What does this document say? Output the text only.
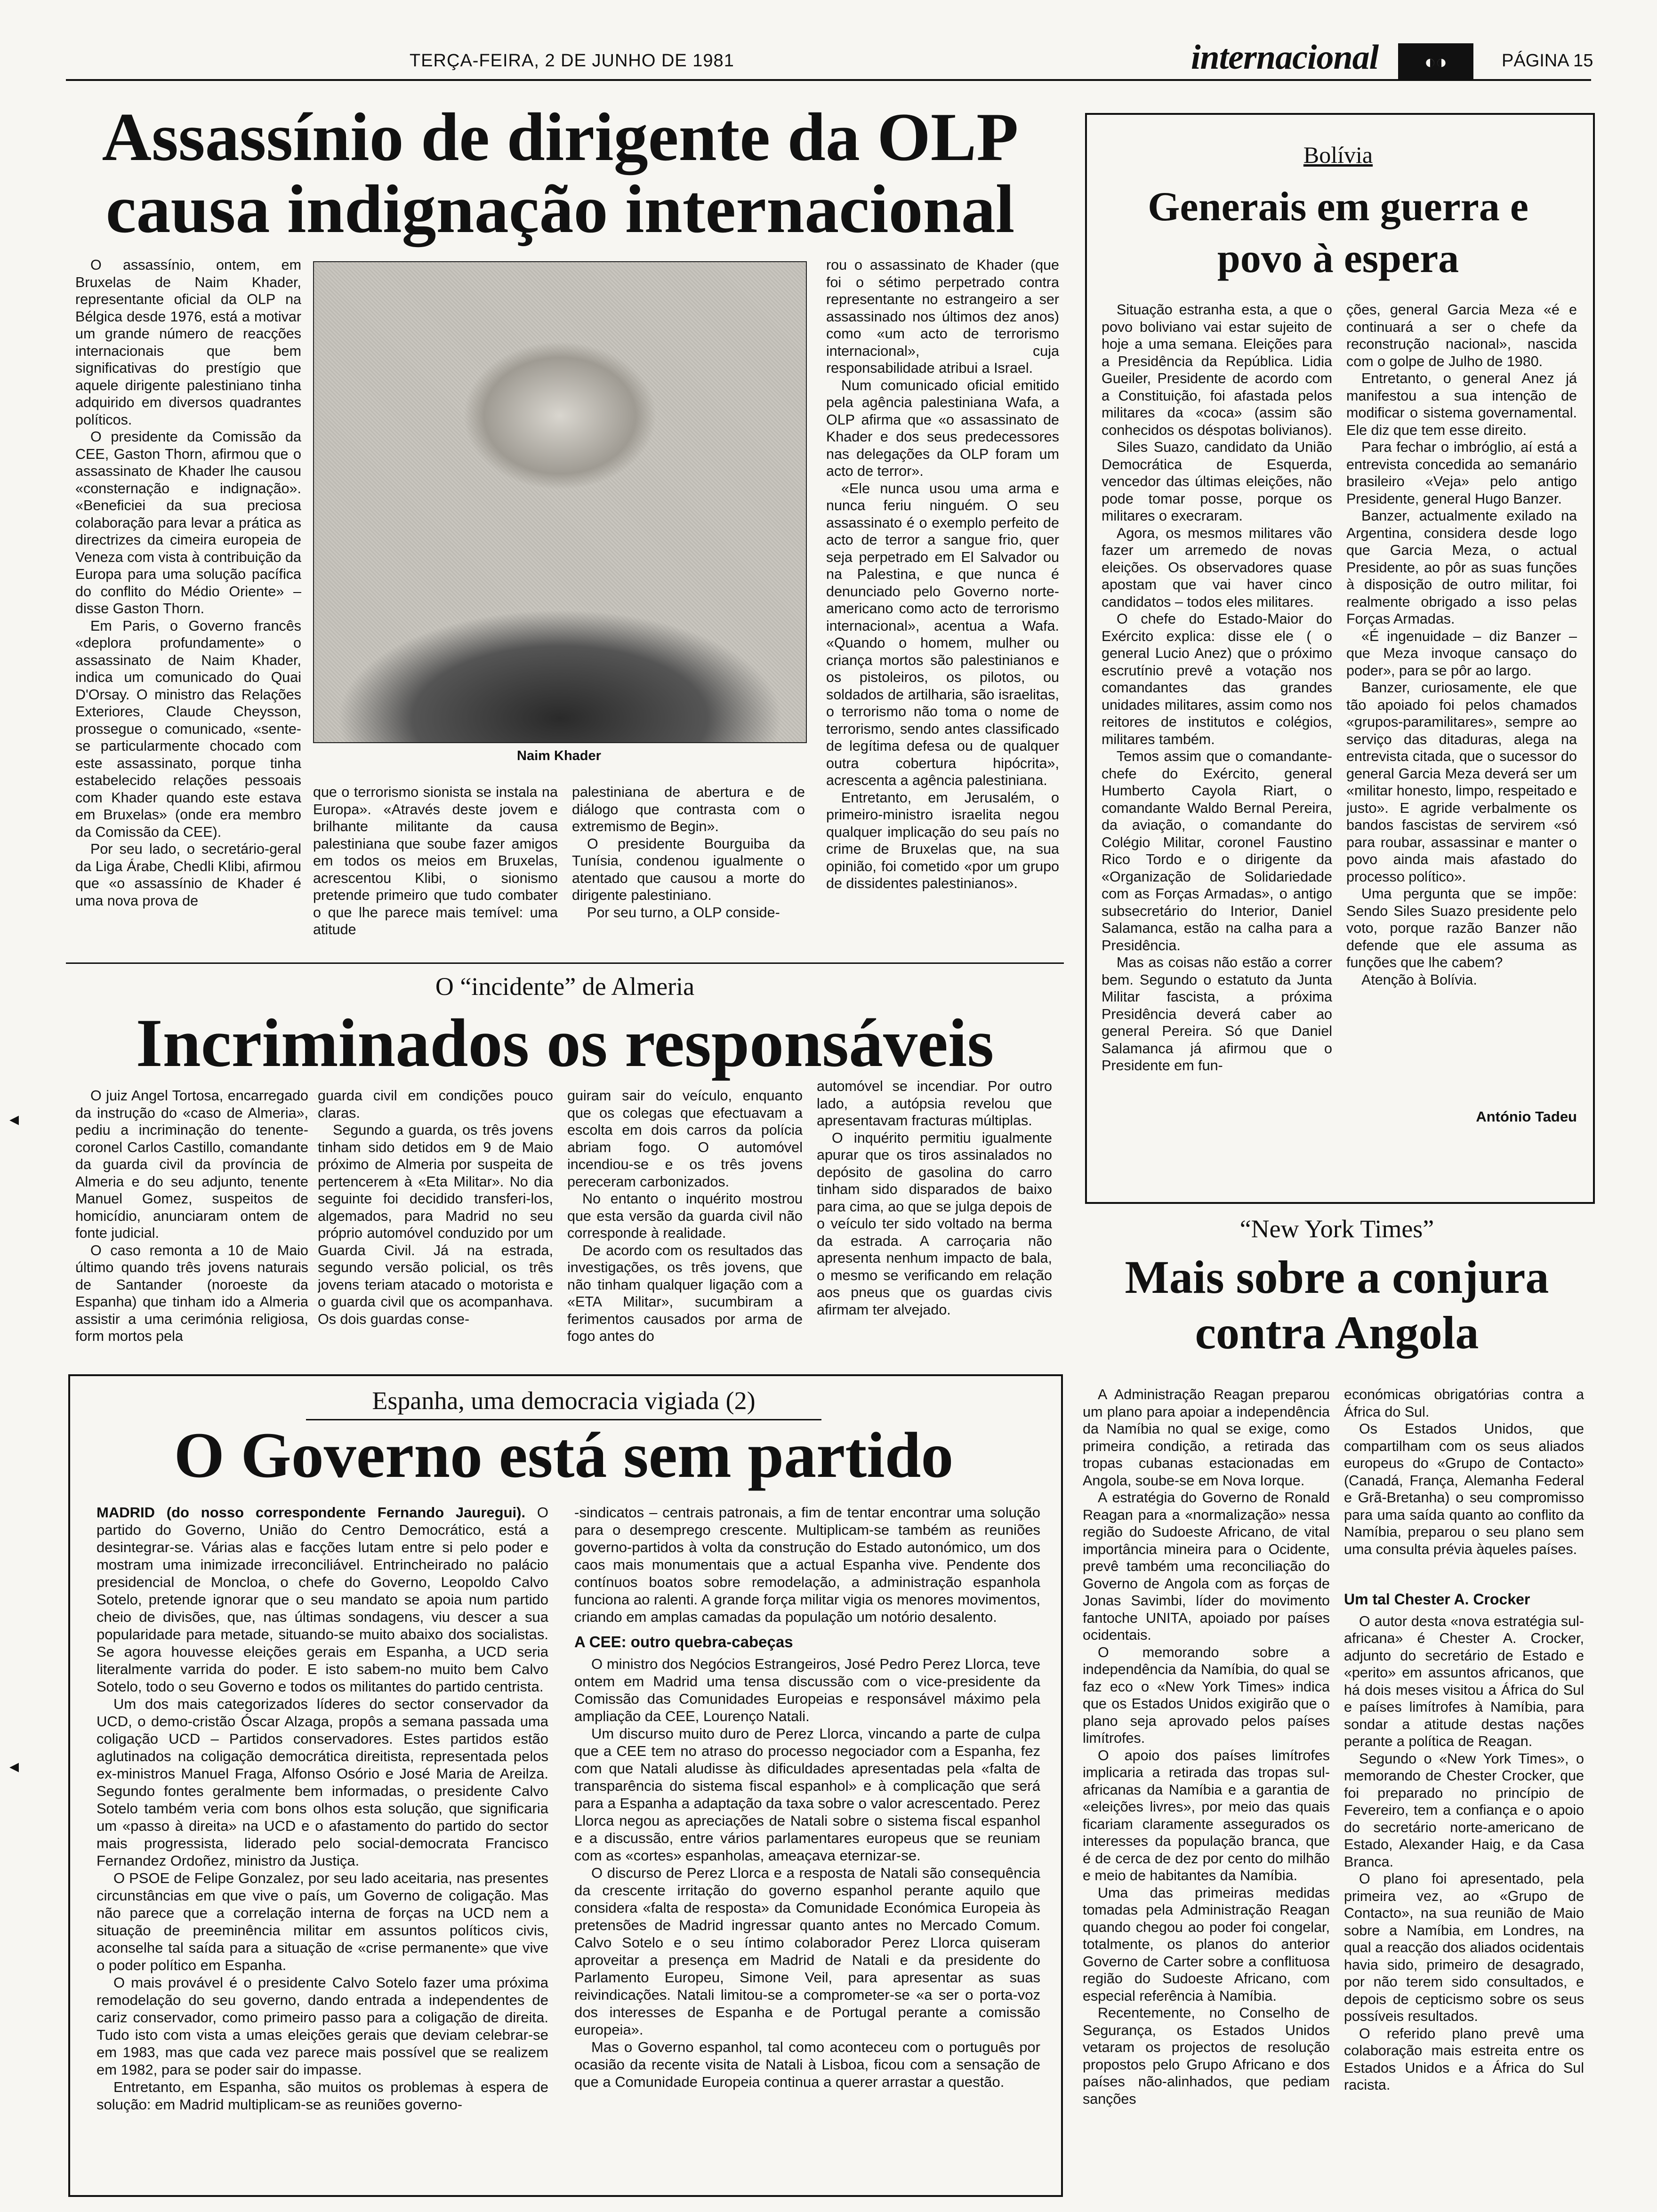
TERÇA-FEIRA, 2 DE JUNHO DE 1981	internacional	◐◑	PÁGINA 15
Assassínio de dirigente da OLP causa indignação internacional

O assassínio, ontem, em Bruxelas de Naim Khader, representante oficial da OLP na Bélgica desde 1976, está a motivar um grande número de reacções internacionais que bem significativas do prestígio que aquele dirigente palestiniano tinha adquirido em diversos quadrantes políticos.

O presidente da Comissão da CEE, Gaston Thorn, afirmou que o assassinato de Khader lhe causou «consternação e indignação». «Beneficiei da sua preciosa colaboração para levar a prática as directrizes da cimeira europeia de Veneza com vista à contribuição da Europa para uma solução pacífica do conflito do Médio Oriente» – disse Gaston Thorn.

Em Paris, o Governo francês «deplora profundamente» o assassinato de Naim Khader, indica um comunicado do Quai D'Orsay. O ministro das Relações Exteriores, Claude Cheysson, prossegue o comunicado, «sente-se particularmente chocado com este assassinato, porque tinha estabelecido relações pessoais com Khader quando este estava em Bruxelas» (onde era membro da Comissão da CEE).

Por seu lado, o secretário-geral da Liga Árabe, Chedli Klibi, afirmou que «o assassínio de Khader é uma nova prova de

Naim Khader

que o terrorismo sionista se instala na Europa». «Através deste jovem e brilhante militante da causa palestiniana que soube fazer amigos em todos os meios em Bruxelas, acrescentou Klibi, o sionismo pretende primeiro que tudo combater o que lhe parece mais temível: uma atitude

palestiniana de abertura e de diálogo que contrasta com o extremismo de Begin».

O presidente Bourguiba da Tunísia, condenou igualmente o atentado que causou a morte do dirigente palestiniano.

Por seu turno, a OLP conside-

rou o assassinato de Khader (que foi o sétimo perpetrado contra representante no estrangeiro a ser assassinado nos últimos dez anos) como «um acto de terrorismo internacional», cuja responsabilidade atribui a Israel.

Num comunicado oficial emitido pela agência palestiniana Wafa, a OLP afirma que «o assassinato de Khader e dos seus predecessores nas delegações da OLP foram um acto de terror».

«Ele nunca usou uma arma e nunca feriu ninguém. O seu assassinato é o exemplo perfeito de acto de terror a sangue frio, quer seja perpetrado em El Salvador ou na Palestina, e que nunca é denunciado pelo Governo norte-americano como acto de terrorismo internacional», acentua a Wafa. «Quando o homem, mulher ou criança mortos são palestinianos e os pistoleiros, os pilotos, ou soldados de artilharia, são israelitas, o terrorismo não toma o nome de terrorismo, sendo antes classificado de legítima defesa ou de qualquer outra cobertura hipócrita», acrescenta a agência palestiniana.

Entretanto, em Jerusalém, o primeiro-ministro israelita negou qualquer implicação do seu país no crime de Bruxelas que, na sua opinião, foi cometido «por um grupo de dissidentes palestinianos».

Bolívia
Generais em guerra e povo à espera

Situação estranha esta, a que o povo boliviano vai estar sujeito de hoje a uma semana. Eleições para a Presidência da República. Lidia Gueiler, Presidente de acordo com a Constituição, foi afastada pelos militares da «coca» (assim são conhecidos os déspotas bolivianos).

Siles Suazo, candidato da União Democrática de Esquerda, vencedor das últimas eleições, não pode tomar posse, porque os militares o execraram.

Agora, os mesmos militares vão fazer um arremedo de novas eleições. Os observadores quase apostam que vai haver cinco candidatos – todos eles militares.

O chefe do Estado-Maior do Exército explica: disse ele ( o general Lucio Anez) que o próximo escrutínio prevê a votação nos comandantes das grandes unidades militares, assim como nos reitores de institutos e colégios, militares também.

Temos assim que o comandante-chefe do Exército, general Humberto Cayola Riart, o comandante Waldo Bernal Pereira, da aviação, o comandante do Colégio Militar, coronel Faustino Rico Tordo e o dirigente da «Organização de Solidariedade com as Forças Armadas», o antigo subsecretário do Interior, Daniel Salamanca, estão na calha para a Presidência.

Mas as coisas não estão a correr bem. Segundo o estatuto da Junta Militar fascista, a próxima Presidência deverá caber ao general Pereira. Só que Daniel Salamanca já afirmou que o Presidente em fun-

ções, general Garcia Meza «é e continuará a ser o chefe da reconstrução nacional», nascida com o golpe de Julho de 1980.

Entretanto, o general Anez já manifestou a sua intenção de modificar o sistema governamental. Ele diz que tem esse direito.

Para fechar o imbróglio, aí está a entrevista concedida ao semanário brasileiro «Veja» pelo antigo Presidente, general Hugo Banzer.

Banzer, actualmente exilado na Argentina, considera desde logo que Garcia Meza, o actual Presidente, ao pôr as suas funções à disposição de outro militar, foi realmente obrigado a isso pelas Forças Armadas.

«É ingenuidade – diz Banzer – que Meza invoque cansaço do poder», para se pôr ao largo.

Banzer, curiosamente, ele que tão apoiado foi pelos chamados «grupos-paramilitares», sempre ao serviço das ditaduras, alega na entrevista citada, que o sucessor do general Garcia Meza deverá ser um «militar honesto, limpo, respeitado e justo». E agride verbalmente os bandos fascistas de servirem «só para roubar, assassinar e manter o povo ainda mais afastado do processo político».

Uma pergunta que se impõe: Sendo Siles Suazo presidente pelo voto, porque razão Banzer não defende que ele assuma as funções que lhe cabem?

Atenção à Bolívia.

António Tadeu
O “incidente” de Almeria
Incriminados os responsáveis

O juiz Angel Tortosa, encarregado da instrução do «caso de Almeria», pediu a incriminação do tenente-coronel Carlos Castillo, comandante da guarda civil da província de Almeria e do seu adjunto, tenente Manuel Gomez, suspeitos de homicídio, anunciaram ontem de fonte judicial.

O caso remonta a 10 de Maio último quando três jovens naturais de Santander (noroeste da Espanha) que tinham ido a Almeria assistir a uma cerimónia religiosa, form mortos pela

guarda civil em condições pouco claras.

Segundo a guarda, os três jovens tinham sido detidos em 9 de Maio próximo de Almeria por suspeita de pertencerem à «Eta Militar». No dia seguinte foi decidido transferi-los, algemados, para Madrid no seu próprio automóvel conduzido por um Guarda Civil. Já na estrada, segundo versão policial, os três jovens teriam atacado o motorista e o guarda civil que os acompanhava. Os dois guardas conse-

guiram sair do veículo, enquanto que os colegas que efectuavam a escolta em dois carros da polícia abriam fogo. O automóvel incendiou-se e os três jovens pereceram carbonizados.

No entanto o inquérito mostrou que esta versão da guarda civil não corresponde à realidade.

De acordo com os resultados das investigações, os três jovens, que não tinham qualquer ligação com a «ETA Militar», sucumbiram a ferimentos causados por arma de fogo antes do

automóvel se incendiar. Por outro lado, a autópsia revelou que apresentavam fracturas múltiplas.

O inquérito permitiu igualmente apurar que os tiros assinalados no depósito de gasolina do carro tinham sido disparados de baixo para cima, ao que se julga depois de o veículo ter sido voltado na berma da estrada. A carroçaria não apresenta nenhum impacto de bala, o mesmo se verificando em relação aos pneus que os guardas civis afirmam ter alvejado.

“New York Times”
Mais sobre a conjura contra Angola

A Administração Reagan preparou um plano para apoiar a independência da Namíbia no qual se exige, como primeira condição, a retirada das tropas cubanas estacionadas em Angola, soube-se em Nova Iorque.

A estratégia do Governo de Ronald Reagan para a «normalização» nessa região do Sudoeste Africano, de vital importância mineira para o Ocidente, prevê também uma reconciliação do Governo de Angola com as forças de Jonas Savimbi, líder do movimento fantoche UNITA, apoiado por países ocidentais.

O memorando sobre a independência da Namíbia, do qual se faz eco o «New York Times» indica que os Estados Unidos exigirão que o plano seja aprovado pelos países limítrofes.

O apoio dos países limítrofes implicaria a retirada das tropas sul-africanas da Namíbia e a garantia de «eleições livres», por meio das quais ficariam claramente assegurados os interesses da população branca, que é de cerca de dez por cento do milhão e meio de habitantes da Namíbia.

Uma das primeiras medidas tomadas pela Administração Reagan quando chegou ao poder foi congelar, totalmente, os planos do anterior Governo de Carter sobre a conflituosa região do Sudoeste Africano, com especial referência à Namíbia.

Recentemente, no Conselho de Segurança, os Estados Unidos vetaram os projectos de resolução propostos pelo Grupo Africano e dos países não-alinhados, que pediam sanções

económicas obrigatórias contra a África do Sul.

Os Estados Unidos, que compartilham com os seus aliados europeus do «Grupo de Contacto» (Canadá, França, Alemanha Federal e Grã-Bretanha) o seu compromisso para uma saída quanto ao conflito da Namíbia, preparou o seu plano sem uma consulta prévia àqueles países.

Um tal Chester A. Crocker

O autor desta «nova estratégia sul-africana» é Chester A. Crocker, adjunto do secretário de Estado e «perito» em assuntos africanos, que há dois meses visitou a África do Sul e países limítrofes à Namíbia, para sondar a atitude destas nações perante a política de Reagan.

Segundo o «New York Times», o memorando de Chester Crocker, que foi preparado no princípio de Fevereiro, tem a confiança e o apoio do secretário norte-americano de Estado, Alexander Haig, e da Casa Branca.

O plano foi apresentado, pela primeira vez, ao «Grupo de Contacto», na sua reunião de Maio sobre a Namíbia, em Londres, na qual a reacção dos aliados ocidentais havia sido, primeiro de desagrado, por não terem sido consultados, e depois de cepticismo sobre os seus possíveis resultados.

O referido plano prevê uma colaboração mais estreita entre os Estados Unidos e a África do Sul racista.

Espanha, uma democracia vigiada (2)
O Governo está sem partido

MADRID (do nosso correspondente Fernando Jauregui). O partido do Governo, União do Centro Democrático, está a desintegrar-se. Várias alas e facções lutam entre si pelo poder e mostram uma inimizade irreconciliável. Entrincheirado no palácio presidencial de Moncloa, o chefe do Governo, Leopoldo Calvo Sotelo, pretende ignorar que o seu mandato se apoia num partido cheio de divisões, que, nas últimas sondagens, viu descer a sua popularidade para metade, situando-se muito abaixo dos socialistas. Se agora houvesse eleições gerais em Espanha, a UCD seria literalmente varrida do poder. E isto sabem-no muito bem Calvo Sotelo, todo o seu Governo e todos os militantes do partido centrista.

Um dos mais categorizados líderes do sector conservador da UCD, o demo-cristão Óscar Alzaga, propôs a semana passada uma coligação UCD – Partidos conservadores. Estes partidos estão aglutinados na coligação democrática direitista, representada pelos ex-ministros Manuel Fraga, Alfonso Osório e José Maria de Areilza. Segundo fontes geralmente bem informadas, o presidente Calvo Sotelo também veria com bons olhos esta solução, que significaria um «passo à direita» na UCD e o afastamento do partido do sector mais progressista, liderado pelo social-democrata Francisco Fernandez Ordoñez, ministro da Justiça.

O PSOE de Felipe Gonzalez, por seu lado aceitaria, nas presentes circunstâncias em que vive o país, um Governo de coligação. Mas não parece que a correlação interna de forças na UCD nem a situação de preeminência militar em assuntos políticos civis, aconselhe tal saída para a situação de «crise permanente» que vive o poder político em Espanha.

O mais provável é o presidente Calvo Sotelo fazer uma próxima remodelação do seu governo, dando entrada a independentes de cariz conservador, como primeiro passo para a coligação de direita. Tudo isto com vista a umas eleições gerais que deviam celebrar-se em 1983, mas que cada vez parece mais possível que se realizem em 1982, para se poder sair do impasse.

Entretanto, em Espanha, são muitos os problemas à espera de solução: em Madrid multiplicam-se as reuniões governo-

-sindicatos – centrais patronais, a fim de tentar encontrar uma solução para o desemprego crescente. Multiplicam-se também as reuniões governo-partidos à volta da construção do Estado autonómico, um dos caos mais monumentais que a actual Espanha vive. Pendente dos contínuos boatos sobre remodelação, a administração espanhola funciona ao ralenti. A grande força militar vigia os menores movimentos, criando em amplas camadas da população um notório desalento.

A CEE: outro quebra-cabeças

O ministro dos Negócios Estrangeiros, José Pedro Perez Llorca, teve ontem em Madrid uma tensa discussão com o vice-presidente da Comissão das Comunidades Europeias e responsável máximo pela ampliação da CEE, Lourenço Natali.

Um discurso muito duro de Perez Llorca, vincando a parte de culpa que a CEE tem no atraso do processo negociador com a Espanha, fez com que Natali aludisse às dificuldades apresentadas pela «falta de transparência do sistema fiscal espanhol» e à complicação que será para a Espanha a adaptação da taxa sobre o valor acrescentado. Perez Llorca negou as apreciações de Natali sobre o sistema fiscal espanhol e a discussão, entre vários parlamentares europeus que se reuniam com as «cortes» espanholas, ameaçava eternizar-se.

O discurso de Perez Llorca e a resposta de Natali são consequência da crescente irritação do governo espanhol perante aquilo que considera «falta de resposta» da Comunidade Económica Europeia às pretensões de Madrid ingressar quanto antes no Mercado Comum. Calvo Sotelo e o seu íntimo colaborador Perez Llorca quiseram aproveitar a presença em Madrid de Natali e da presidente do Parlamento Europeu, Simone Veil, para apresentar as suas reivindicações. Natali limitou-se a comprometer-se «a ser o porta-voz dos interesses de Espanha e de Portugal perante a comissão europeia».

Mas o Governo espanhol, tal como aconteceu com o português por ocasião da recente visita de Natali à Lisboa, ficou com a sensação de que a Comunidade Europeia continua a querer arrastar a questão.

◂
◂
